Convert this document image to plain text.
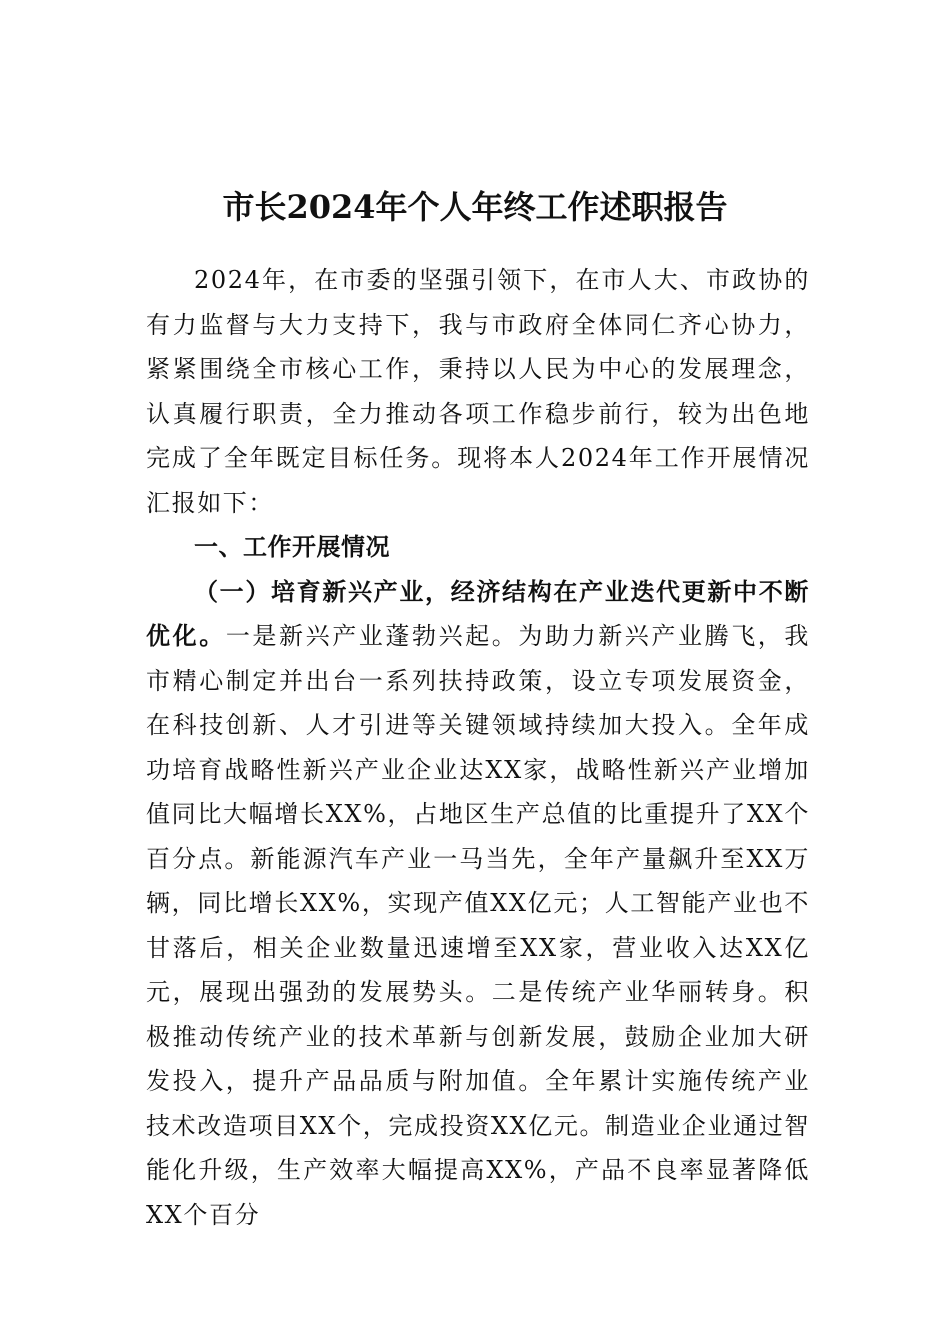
市长2024年个人年终工作述职报告

2024年，在市委的坚强引领下，在市人大、市政协的有力监督与大力支持下，我与市政府全体同仁齐心协力，紧紧围绕全市核心工作，秉持以人民为中心的发展理念，认真履行职责，全力推动各项工作稳步前行，较为出色地完成了全年既定目标任务。现将本人2024年工作开展情况汇报如下：

一、工作开展情况

（一）培育新兴产业，经济结构在产业迭代更新中不断优化。一是新兴产业蓬勃兴起。为助力新兴产业腾飞，我市精心制定并出台一系列扶持政策，设立专项发展资金，在科技创新、人才引进等关键领域持续加大投入。全年成功培育战略性新兴产业企业达XX家，战略性新兴产业增加值同比大幅增长XX%，占地区生产总值的比重提升了XX个百分点。新能源汽车产业一马当先，全年产量飙升至XX万辆，同比增长XX%，实现产值XX亿元；人工智能产业也不甘落后，相关企业数量迅速增至XX家，营业收入达XX亿元，展现出强劲的发展势头。二是传统产业华丽转身。积极推动传统产业的技术革新与创新发展，鼓励企业加大研发投入，提升产品品质与附加值。全年累计实施传统产业技术改造项目XX个，完成投资XX亿元。制造业企业通过智能化升级，生产效率大幅提高XX%，产品不良率显著降低XX个百分
